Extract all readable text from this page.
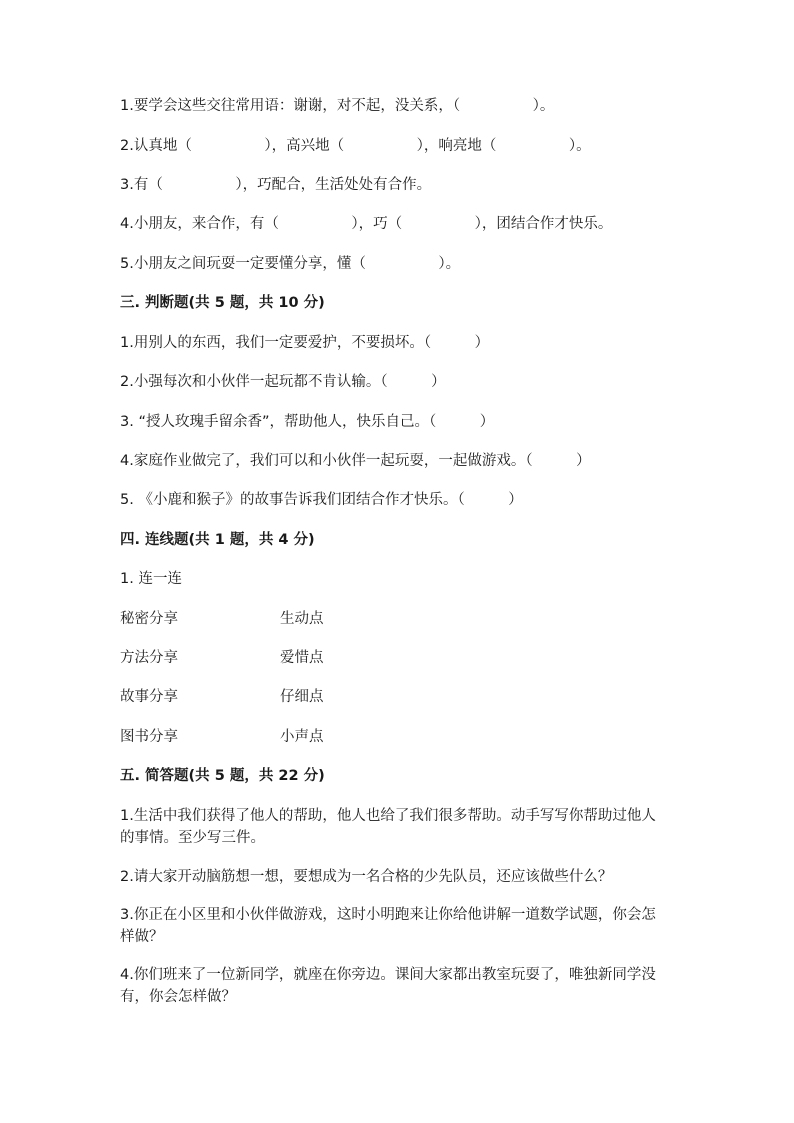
1.要学会这些交往常用语：谢谢，对不起，没关系，（　　　　　）。
2.认真地（　　　　　），高兴地（　　　　　），响亮地（　　　　　）。
3.有（　　　　　），巧配合，生活处处有合作。
4.小朋友，来合作，有（　　　　　），巧（　　　　　），团结合作才快乐。
5.小朋友之间玩耍一定要懂分享，懂（　　　　　）。
三. 判断题(共 5 题，共 10 分)
1.用别人的东西，我们一定要爱护，不要损坏。（　　　）
2.小强每次和小伙伴一起玩都不肯认输。（　　　）
3. “授人玫瑰手留余香”，帮助他人，快乐自己。（　　　）
4.家庭作业做完了，我们可以和小伙伴一起玩耍，一起做游戏。（　　　）
5. 《小鹿和猴子》的故事告诉我们团结合作才快乐。（　　　）
四. 连线题(共 1 题，共 4 分)
1. 连一连
秘密分享	生动点
方法分享	爱惜点
故事分享	仔细点
图书分享	小声点
五. 简答题(共 5 题，共 22 分)
1.生活中我们获得了他人的帮助，他人也给了我们很多帮助。动手写写你帮助过他人的事情。至少写三件。
2.请大家开动脑筋想一想，要想成为一名合格的少先队员，还应该做些什么？
3.你正在小区里和小伙伴做游戏，这时小明跑来让你给他讲解一道数学试题，你会怎样做？
4.你们班来了一位新同学，就座在你旁边。课间大家都出教室玩耍了，唯独新同学没有，你会怎样做？
